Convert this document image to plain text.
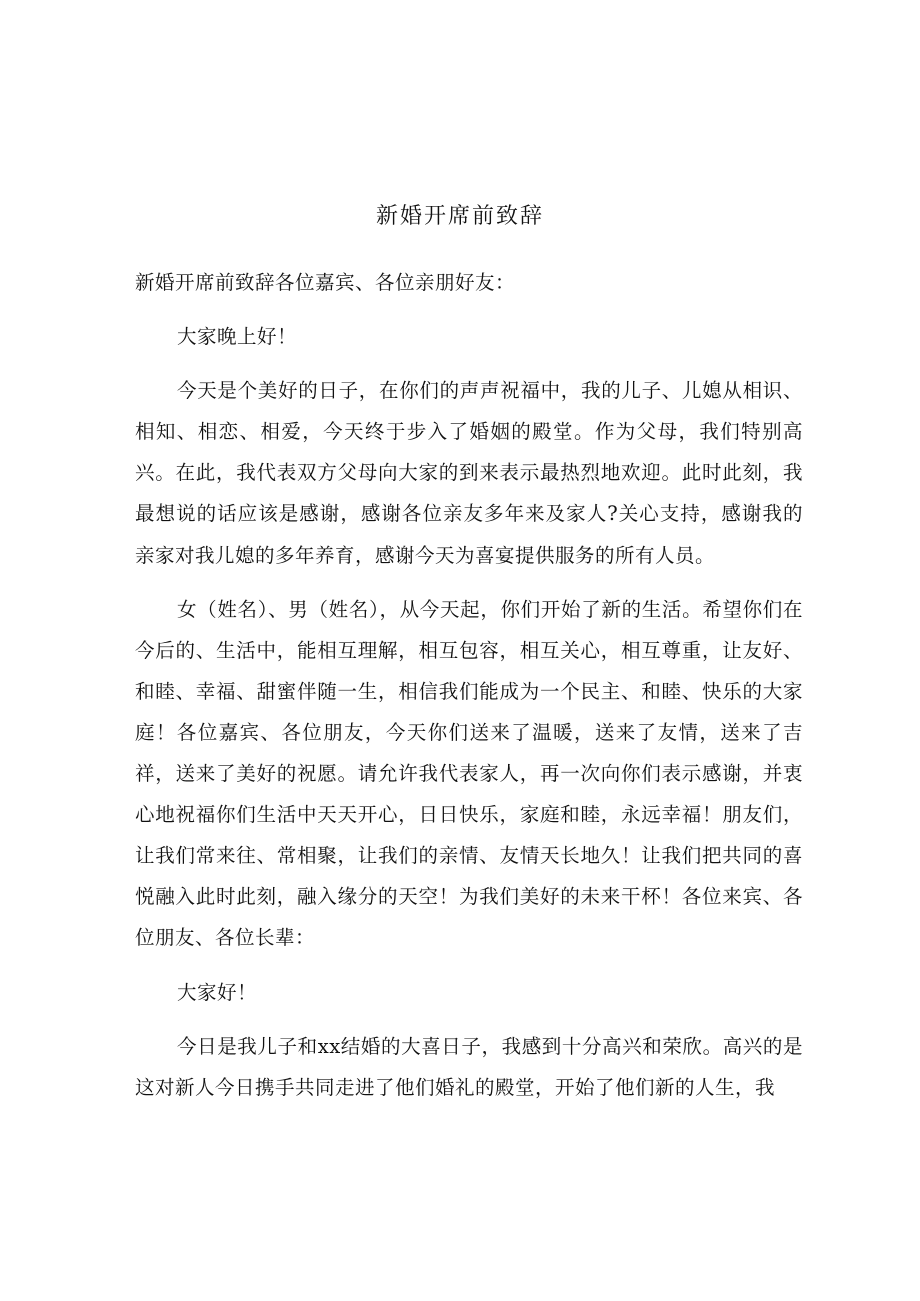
新婚开席前致辞

新婚开席前致辞各位嘉宾、各位亲朋好友：

大家晚上好！

今天是个美好的日子，在你们的声声祝福中，我的儿子、儿媳从相识、相知、相恋、相爱，今天终于步入了婚姻的殿堂。作为父母，我们特别高兴。在此，我代表双方父母向大家的到来表示最热烈地欢迎。此时此刻，我最想说的话应该是感谢，感谢各位亲友多年来及家人?关心支持，感谢我的亲家对我儿媳的多年养育，感谢今天为喜宴提供服务的所有人员。

女（姓名）、男（姓名），从今天起，你们开始了新的生活。希望你们在今后的、生活中，能相互理解，相互包容，相互关心，相互尊重，让友好、和睦、幸福、甜蜜伴随一生，相信我们能成为一个民主、和睦、快乐的大家庭！各位嘉宾、各位朋友，今天你们送来了温暖，送来了友情，送来了吉祥，送来了美好的祝愿。请允许我代表家人，再一次向你们表示感谢，并衷心地祝福你们生活中天天开心，日日快乐，家庭和睦，永远幸福！朋友们，让我们常来往、常相聚，让我们的亲情、友情天长地久！让我们把共同的喜悦融入此时此刻，融入缘分的天空！为我们美好的未来干杯！各位来宾、各位朋友、各位长辈：

大家好！

今日是我儿子和xx结婚的大喜日子，我感到十分高兴和荣欣。高兴的是这对新人今日携手共同走进了他们婚礼的殿堂，开始了他们新的人生，我
